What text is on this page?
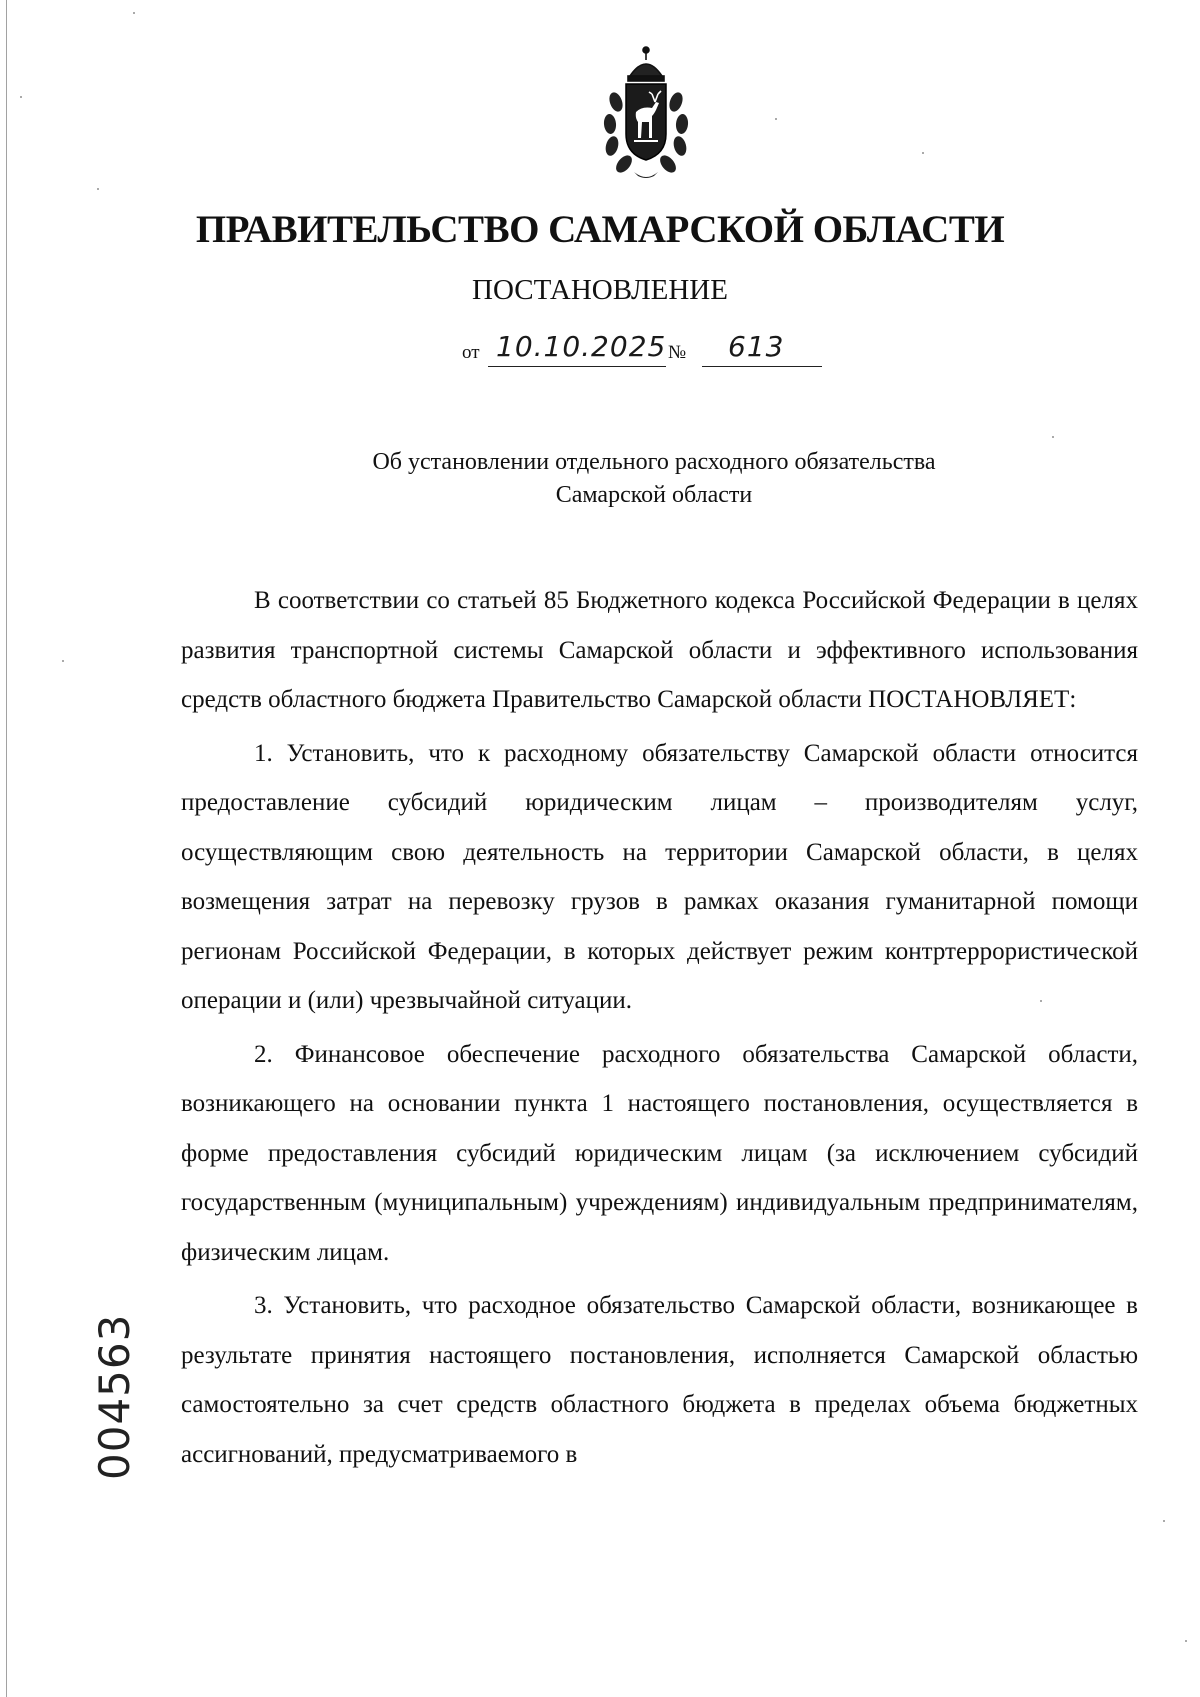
ПРАВИТЕЛЬСТВО САМАРСКОЙ ОБЛАСТИ
ПОСТАНОВЛЕНИЕ
от 10.10.2025 № 613
Об установлении отдельного расходного обязательства
Самарской области

В соответствии со статьей 85 Бюджетного кодекса Российской Федерации в целях развития транспортной системы Самарской области и эффективного использования средств областного бюджета Правительство Самарской области ПОСТАНОВЛЯЕТ:

1. Установить, что к расходному обязательству Самарской области относится предоставление субсидий юридическим лицам – производителям услуг, осуществляющим свою деятельность на территории Самарской области, в целях возмещения затрат на перевозку грузов в рамках оказания гуманитарной помощи регионам Российской Федерации, в которых действует режим контртеррористической операции и (или) чрезвычайной ситуации.

2. Финансовое обеспечение расходного обязательства Самарской области, возникающего на основании пункта 1 настоящего постановления, осуществляется в форме предоставления субсидий юридическим лицам (за исключением субсидий государственным (муниципальным) учреждениям) индивидуальным предпринимателям, физическим лицам.

3. Установить, что расходное обязательство Самарской области, возникающее в результате принятия настоящего постановления, исполняется Самарской областью самостоятельно за счет средств областного бюджета в пределах объема бюджетных ассигнований, предусматриваемого в

004563
